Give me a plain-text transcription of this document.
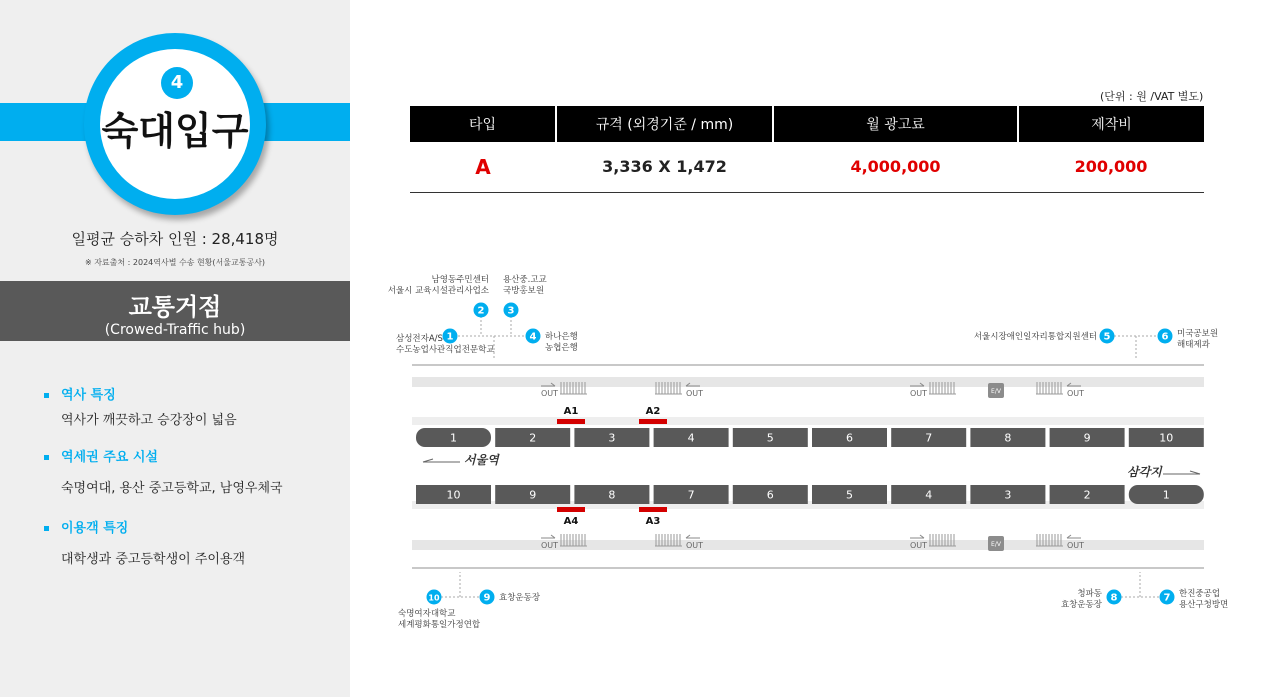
4
숙대입구
일평균 승하차 인원 : 28,418명
※ 자료출처 : 2024역사별 수송 현황(서울교통공사)
교통거점
(Crowed-Traffic hub)
역사 특징
역사가 깨끗하고 승강장이 넓음
역세권 주요 시설
숙명여대, 용산 중고등학교, 남영우체국
이용객 특징
대학생과 중고등학생이 주이용객
(단위 : 원 /VAT 별도)
타입	규격 (외경기준 / mm)	월 광고료	제작비
A	3,336 X 1,472	4,000,000	200,000
1	2	3	4	5	6	7	8	9	10
10	9	8	7	6	5	4	3	2	1
A1	A2
A4	A3
OUT	OUT	OUT	OUT
OUT	OUT	OUT	OUT
E/V
E/V
서울역
삼각지
1
삼성전자A/S
수도농업사관직업전문학교
2
남영동주민센터
서울시 교육시설관리사업소
3
용산중.고교
국방홍보원
4 하나은행
농협은행
5
서울시장애인일자리통합지원센터	6 미국공보원
해태제과
7 한진중공업
용산구청방면
8
청파동
효창운동장
9 효창운동장
10
숙명여자대학교
세계평화통일가정연합
